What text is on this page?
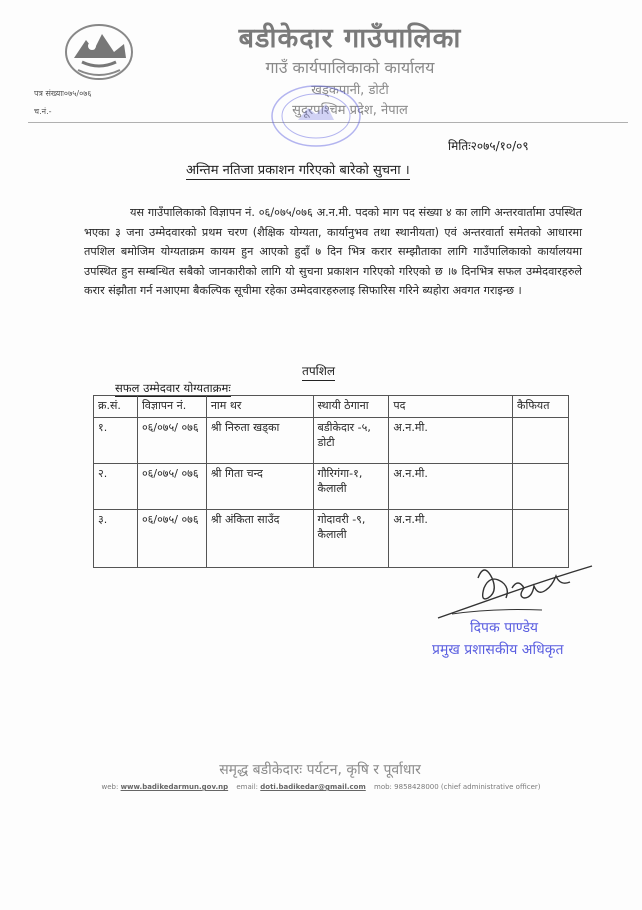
बडीकेदार गाउँपालिका
गाउँ कार्यपालिकाको कार्यालय
खड्कपानी, डोटी
सुदूरपश्चिम प्रदेश, नेपाल
पत्र संख्याः०७५/०७६
च.नं.-
मितिः२०७५/१०/०९
अन्तिम नतिजा प्रकाशन गरिएको बारेको सुचना ।
यस गाउँपालिकाको विज्ञापन नं. ०६/०७५/०७६ अ.न.मी. पदको माग पद संख्या ४ का लागि अन्तरवार्तामा उपस्थित भएका ३ जना उम्मेदवारको प्रथम चरण (शैक्षिक योग्यता, कार्यानुभव तथा स्थानीयता) एवं अन्तरवार्ता समेतको आधारमा तपशिल बमोजिम योग्यताक्रम कायम हुन आएको हुदाँ ७ दिन भित्र करार सम्झौताका लागि गाउँपालिकाको कार्यालयमा उपस्थित हुन सम्बन्धित सबैको जानकारीको लागि यो सुचना प्रकाशन गरिएको गरिएको छ ।७ दिनभित्र सफल उम्मेदवारहरुले करार संझौता गर्न नआएमा बैकल्पिक सूचीमा रहेका उम्मेदवारहरुलाइ सिफारिस गरिने ब्यहोरा अवगत गराइन्छ ।
तपशिल
सफल उम्मेदवार योग्यताक्रमः
क्र.सं.	विज्ञापन नं.	नाम थर	स्थायी ठेगाना	पद	कैफियत
१.	०६/०७५/ ०७६	श्री निरुता खड्का	बडीकेदार -५, डोटी	अ.न.मी.	
२.	०६/०७५/ ०७६	श्री गिता चन्द	गौरिगंगा-१, कैलाली	अ.न.मी.	
३.	०६/०७५/ ०७६	श्री अंकिता साउँद	गोदावरी -९, कैलाली	अ.न.मी.	
दिपक पाण्डेय
प्रमुख प्रशासकीय अधिकृत
समृद्ध बडीकेदारः पर्यटन, कृषि र पूर्वाधार
web: www.badikedarmun.gov.np email: doti.badikedar@gmail.com mob: 9858428000 (chief administrative officer)
